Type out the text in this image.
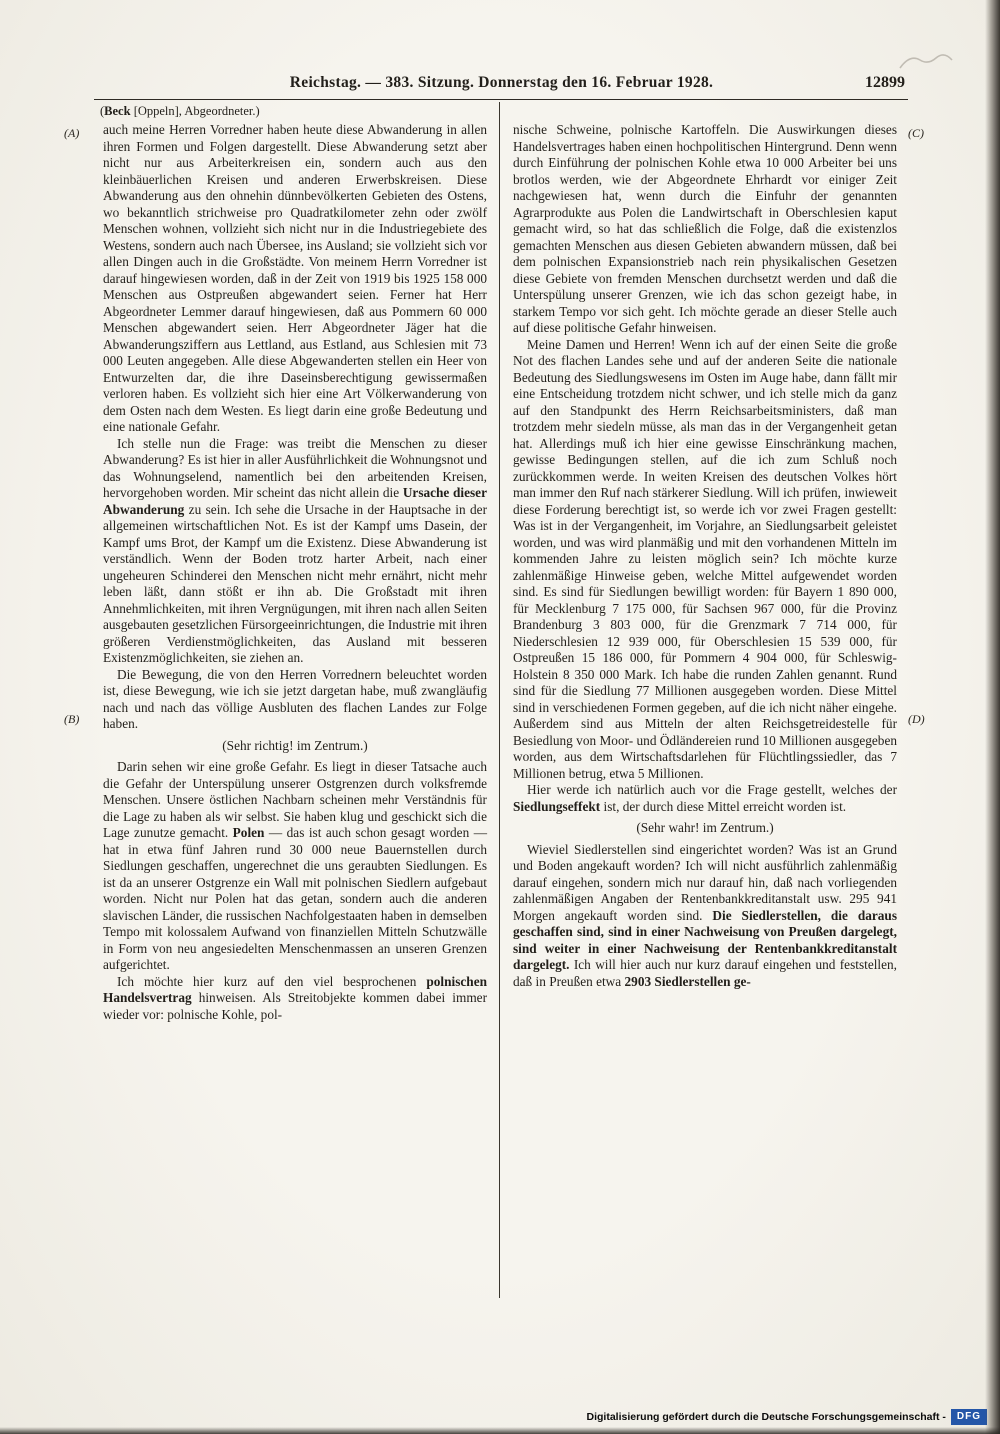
Reichstag. — 383. Sitzung. Donnerstag den 16. Februar 1928.	12899
(Beck [Oppeln], Abgeordneter.)
(A)
(B)
(C)
(D)

auch meine Herren Vorredner haben heute diese Abwanderung in allen ihren Formen und Folgen dargestellt. Diese Abwanderung setzt aber nicht nur aus Arbeiterkreisen ein, sondern auch aus den kleinbäuerlichen Kreisen und anderen Erwerbskreisen. Diese Abwanderung aus den ohnehin dünnbevölkerten Gebieten des Ostens, wo bekanntlich strichweise pro Quadratkilometer zehn oder zwölf Menschen wohnen, vollzieht sich nicht nur in die Industriegebiete des Westens, sondern auch nach Übersee, ins Ausland; sie vollzieht sich vor allen Dingen auch in die Großstädte. Von meinem Herrn Vorredner ist darauf hingewiesen worden, daß in der Zeit von 1919 bis 1925 158 000 Menschen aus Ostpreußen abgewandert seien. Ferner hat Herr Abgeordneter Lemmer darauf hingewiesen, daß aus Pommern 60 000 Menschen abgewandert seien. Herr Abgeordneter Jäger hat die Abwanderungsziffern aus Lettland, aus Estland, aus Schlesien mit 73 000 Leuten angegeben. Alle diese Abgewanderten stellen ein Heer von Entwurzelten dar, die ihre Daseinsberechtigung gewissermaßen verloren haben. Es vollzieht sich hier eine Art Völkerwanderung von dem Osten nach dem Westen. Es liegt darin eine große Bedeutung und eine nationale Gefahr.

Ich stelle nun die Frage: was treibt die Menschen zu dieser Abwanderung? Es ist hier in aller Ausführlichkeit die Wohnungsnot und das Wohnungselend, namentlich bei den arbeitenden Kreisen, hervorgehoben worden. Mir scheint das nicht allein die Ursache dieser Abwanderung zu sein. Ich sehe die Ursache in der Hauptsache in der allgemeinen wirtschaftlichen Not. Es ist der Kampf ums Dasein, der Kampf ums Brot, der Kampf um die Existenz. Diese Abwanderung ist verständlich. Wenn der Boden trotz harter Arbeit, nach einer ungeheuren Schinderei den Menschen nicht mehr ernährt, nicht mehr leben läßt, dann stößt er ihn ab. Die Großstadt mit ihren Annehmlichkeiten, mit ihren Vergnügungen, mit ihren nach allen Seiten ausgebauten gesetzlichen Fürsorgeeinrichtungen, die Industrie mit ihren größeren Verdienstmöglichkeiten, das Ausland mit besseren Existenzmöglichkeiten, sie ziehen an.

Die Bewegung, die von den Herren Vorrednern beleuchtet worden ist, diese Bewegung, wie ich sie jetzt dargetan habe, muß zwangläufig nach und nach das völlige Ausbluten des flachen Landes zur Folge haben.

(Sehr richtig! im Zentrum.)

Darin sehen wir eine große Gefahr. Es liegt in dieser Tatsache auch die Gefahr der Unterspülung unserer Ostgrenzen durch volksfremde Menschen. Unsere östlichen Nachbarn scheinen mehr Verständnis für die Lage zu haben als wir selbst. Sie haben klug und geschickt sich die Lage zunutze gemacht. Polen — das ist auch schon gesagt worden — hat in etwa fünf Jahren rund 30 000 neue Bauernstellen durch Siedlungen geschaffen, ungerechnet die uns geraubten Siedlungen. Es ist da an unserer Ostgrenze ein Wall mit polnischen Siedlern aufgebaut worden. Nicht nur Polen hat das getan, sondern auch die anderen slavischen Länder, die russischen Nachfolgestaaten haben in demselben Tempo mit kolossalem Aufwand von finanziellen Mitteln Schutzwälle in Form von neu angesiedelten Menschenmassen an unseren Grenzen aufgerichtet.

Ich möchte hier kurz auf den viel besprochenen polnischen Handelsvertrag hinweisen. Als Streitobjekte kommen dabei immer wieder vor: polnische Kohle, pol-

nische Schweine, polnische Kartoffeln. Die Auswirkungen dieses Handelsvertrages haben einen hochpolitischen Hintergrund. Denn wenn durch Einführung der polnischen Kohle etwa 10 000 Arbeiter bei uns brotlos werden, wie der Abgeordnete Ehrhardt vor einiger Zeit nachgewiesen hat, wenn durch die Einfuhr der genannten Agrarprodukte aus Polen die Landwirtschaft in Oberschlesien kaput gemacht wird, so hat das schließlich die Folge, daß die existenzlos gemachten Menschen aus diesen Gebieten abwandern müssen, daß bei dem polnischen Expansionstrieb nach rein physikalischen Gesetzen diese Gebiete von fremden Menschen durchsetzt werden und daß die Unterspülung unserer Grenzen, wie ich das schon gezeigt habe, in starkem Tempo vor sich geht. Ich möchte gerade an dieser Stelle auch auf diese politische Gefahr hinweisen.

Meine Damen und Herren! Wenn ich auf der einen Seite die große Not des flachen Landes sehe und auf der anderen Seite die nationale Bedeutung des Siedlungswesens im Osten im Auge habe, dann fällt mir eine Entscheidung trotzdem nicht schwer, und ich stelle mich da ganz auf den Standpunkt des Herrn Reichsarbeitsministers, daß man trotzdem mehr siedeln müsse, als man das in der Vergangenheit getan hat. Allerdings muß ich hier eine gewisse Einschränkung machen, gewisse Bedingungen stellen, auf die ich zum Schluß noch zurückkommen werde. In weiten Kreisen des deutschen Volkes hört man immer den Ruf nach stärkerer Siedlung. Will ich prüfen, inwieweit diese Forderung berechtigt ist, so werde ich vor zwei Fragen gestellt: Was ist in der Vergangenheit, im Vorjahre, an Siedlungsarbeit geleistet worden, und was wird planmäßig und mit den vorhandenen Mitteln im kommenden Jahre zu leisten möglich sein? Ich möchte kurze zahlenmäßige Hinweise geben, welche Mittel aufgewendet worden sind. Es sind für Siedlungen bewilligt worden: für Bayern 1 890 000, für Mecklenburg 7 175 000, für Sachsen 967 000, für die Provinz Brandenburg 3 803 000, für die Grenzmark 7 714 000, für Niederschlesien 12 939 000, für Oberschlesien 15 539 000, für Ostpreußen 15 186 000, für Pommern 4 904 000, für Schleswig-Holstein 8 350 000 Mark. Ich habe die runden Zahlen genannt. Rund sind für die Siedlung 77 Millionen ausgegeben worden. Diese Mittel sind in verschiedenen Formen gegeben, auf die ich nicht näher eingehe. Außerdem sind aus Mitteln der alten Reichsgetreidestelle für Besiedlung von Moor- und Ödländereien rund 10 Millionen ausgegeben worden, aus dem Wirtschaftsdarlehen für Flüchtlingssiedler, das 7 Millionen betrug, etwa 5 Millionen.

Hier werde ich natürlich auch vor die Frage gestellt, welches der Siedlungseffekt ist, der durch diese Mittel erreicht worden ist.

(Sehr wahr! im Zentrum.)

Wieviel Siedlerstellen sind eingerichtet worden? Was ist an Grund und Boden angekauft worden? Ich will nicht ausführlich zahlenmäßig darauf eingehen, sondern mich nur darauf hin, daß nach vorliegenden zahlenmäßigen Angaben der Rentenbankkreditanstalt usw. 295 941 Morgen angekauft worden sind. Die Siedlerstellen, die daraus geschaffen sind, sind in einer Nachweisung von Preußen dargelegt, sind weiter in einer Nachweisung der Rentenbankkreditanstalt dargelegt. Ich will hier auch nur kurz darauf eingehen und feststellen, daß in Preußen etwa 2903 Siedlerstellen ge-

Digitalisierung gefördert durch die Deutsche Forschungsgemeinschaft -	DFG
